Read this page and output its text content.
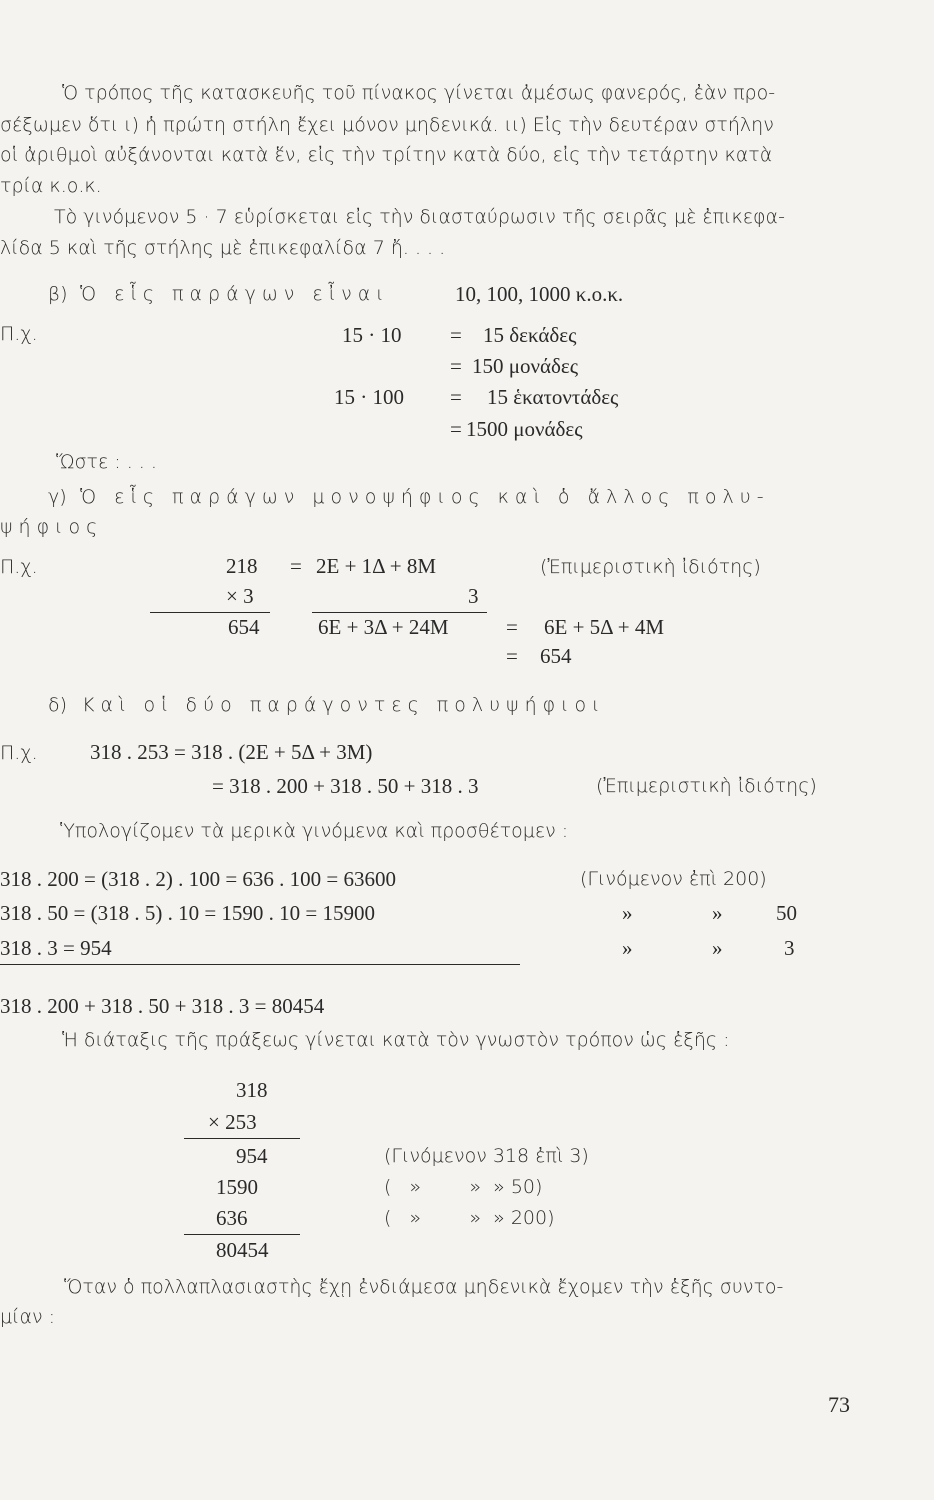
Ὁ τρόπος τῆς κατασκευῆς τοῦ πίνακος γίνεται ἀμέσως φανερός, ἐὰν προ-
σέξωμεν ὅτι ι) ἡ πρώτη στήλη ἔχει μόνον μηδενικά. ιι) Εἰς τὴν δευτέραν στήλην
οἱ ἀριθμοὶ αὐξάνονται κατὰ ἕν, εἰς τὴν τρίτην κατὰ δύο, εἰς τὴν τετάρτην κατὰ
τρία κ.ο.κ.
Τὸ γινόμενον 5 · 7 εὑρίσκεται εἰς τὴν διασταύρωσιν τῆς σειρᾶς μὲ ἐπικεφα-
λίδα 5 καὶ τῆς στήλης μὲ ἐπικεφαλίδα 7 ἤ. . . .
β) Ὁ εἷς παράγων εἶναι	10, 100, 1000 κ.ο.κ.
Π.χ.	15 · 10 = 15 δεκάδες
= 150 μονάδες
15 · 100 = 15 ἑκατοντάδες
= 1500 μονάδες
Ὥστε : . . .
γ) Ὁ εἷς παράγων μονοψήφιος καὶ ὁ ἄλλος πολυ-
ψήφιος
Π.χ.	218 = 2Ε + 1Δ + 8Μ	(Ἐπιμεριστικὴ ἰδιότης)
× 3	3
654	6Ε + 3Δ + 24Μ	= 6Ε + 5Δ + 4Μ
= 654
δ) Καὶ οἱ δύο παράγοντες πολυψήφιοι
Π.χ. 318 . 253 = 318 . (2Ε + 5Δ + 3Μ)
= 318 . 200 + 318 . 50 + 318 . 3	(Ἐπιμεριστικὴ ἰδιότης)
Ὑπολογίζομεν τὰ μερικὰ γινόμενα καὶ προσθέτομεν :
318 . 200 = (318 . 2) . 100 = 636 . 100 = 63600	(Γινόμενον ἐπὶ 200)
318 . 50 = (318 . 5) . 10 = 1590 . 10 = 15900	»	»	50
318 . 3 = 954	»	»	3
318 . 200 + 318 . 50 + 318 . 3 = 80454
Ἡ διάταξις τῆς πράξεως γίνεται κατὰ τὸν γνωστὸν τρόπον ὡς ἑξῆς :
318
× 253
954	(Γινόμενον 318 ἐπὶ 3)
1590	(   »        »  » 50)
636	(   »        »  » 200)
80454
Ὅταν ὁ πολλαπλασιαστὴς ἔχῃ ἐνδιάμεσα μηδενικὰ ἔχομεν τὴν ἑξῆς συντο-
μίαν :
73
